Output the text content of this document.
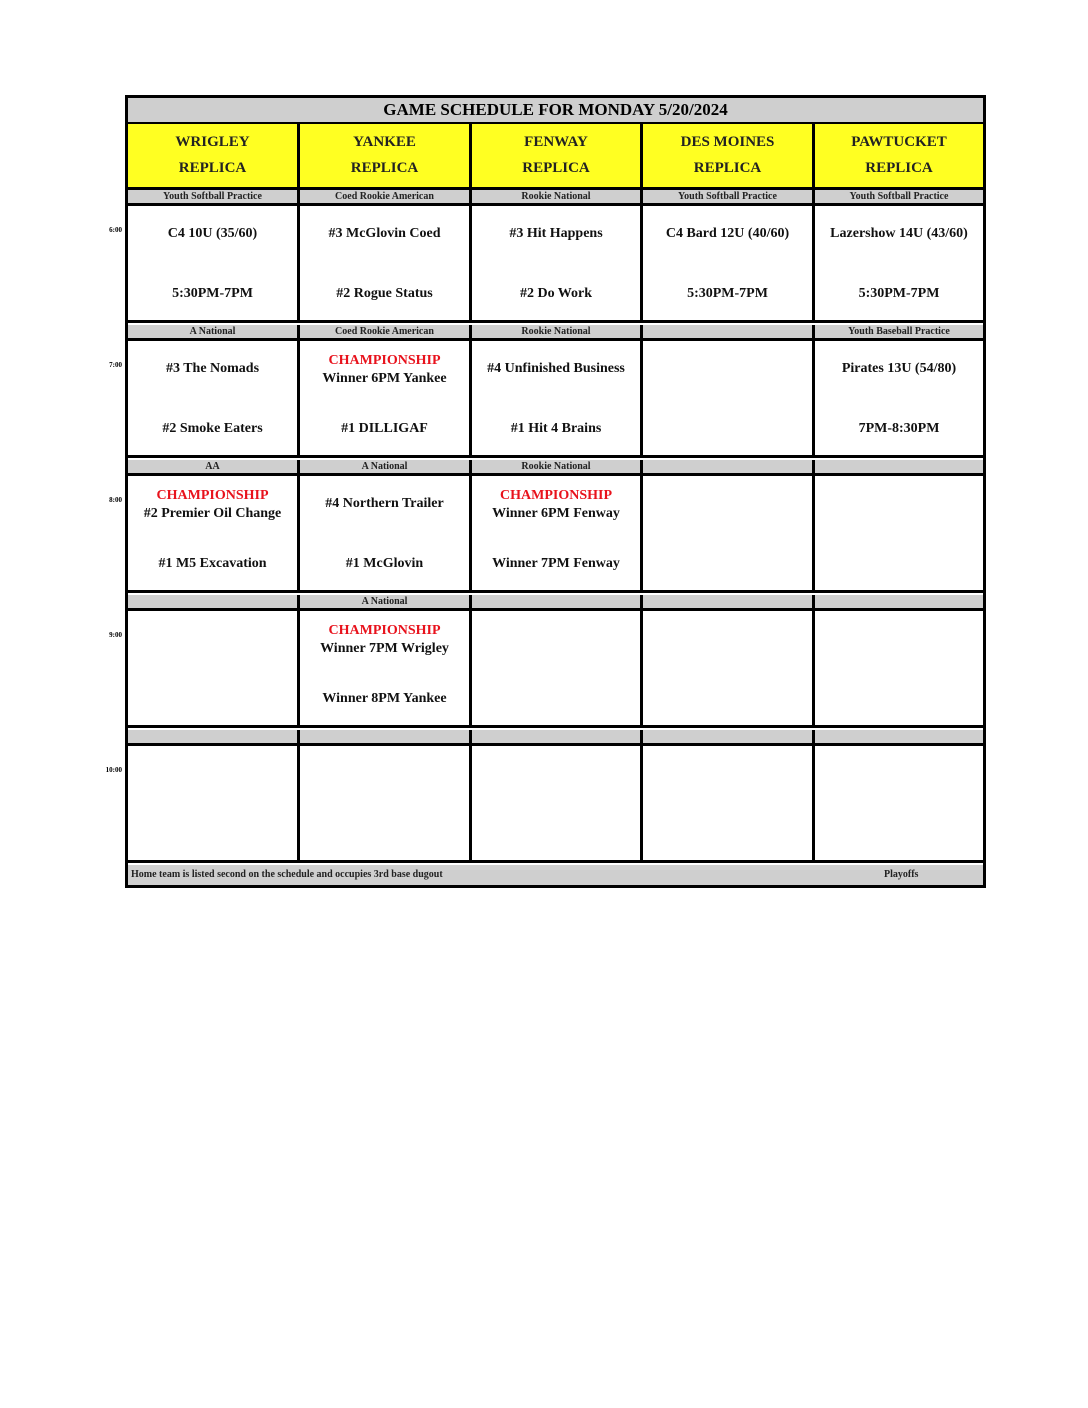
GAME SCHEDULE FOR MONDAY 5/20/2024
WRIGLEY
REPLICA
YANKEE
REPLICA
FENWAY
REPLICA
DES MOINES
REPLICA
PAWTUCKET
REPLICA
Youth Softball Practice
C4 10U (35/60)
5:30PM-7PM
Coed Rookie American
#3 McGlovin Coed
#2 Rogue Status
Rookie National
#3 Hit Happens
#2 Do Work
Youth Softball Practice
C4 Bard 12U (40/60)
5:30PM-7PM
Youth Softball Practice
Lazershow 14U (43/60)
5:30PM-7PM
A National
#3 The Nomads
#2 Smoke Eaters
Coed Rookie American
CHAMPIONSHIP
Winner 6PM Yankee
#1 DILLIGAF
Rookie National
#4 Unfinished Business
#1 Hit 4 Brains
Youth Baseball Practice
Pirates 13U (54/80)
7PM-8:30PM
AA
CHAMPIONSHIP
#2 Premier Oil Change
#1 M5 Excavation
A National
#4 Northern Trailer
#1 McGlovin
Rookie National
CHAMPIONSHIP
Winner 6PM Fenway
Winner 7PM Fenway
A National
CHAMPIONSHIP
Winner 7PM Wrigley
Winner 8PM Yankee
Home team is listed second on the schedule and occupies 3rd base dugout	Playoffs
6:00
7:00
8:00
9:00
10:00
